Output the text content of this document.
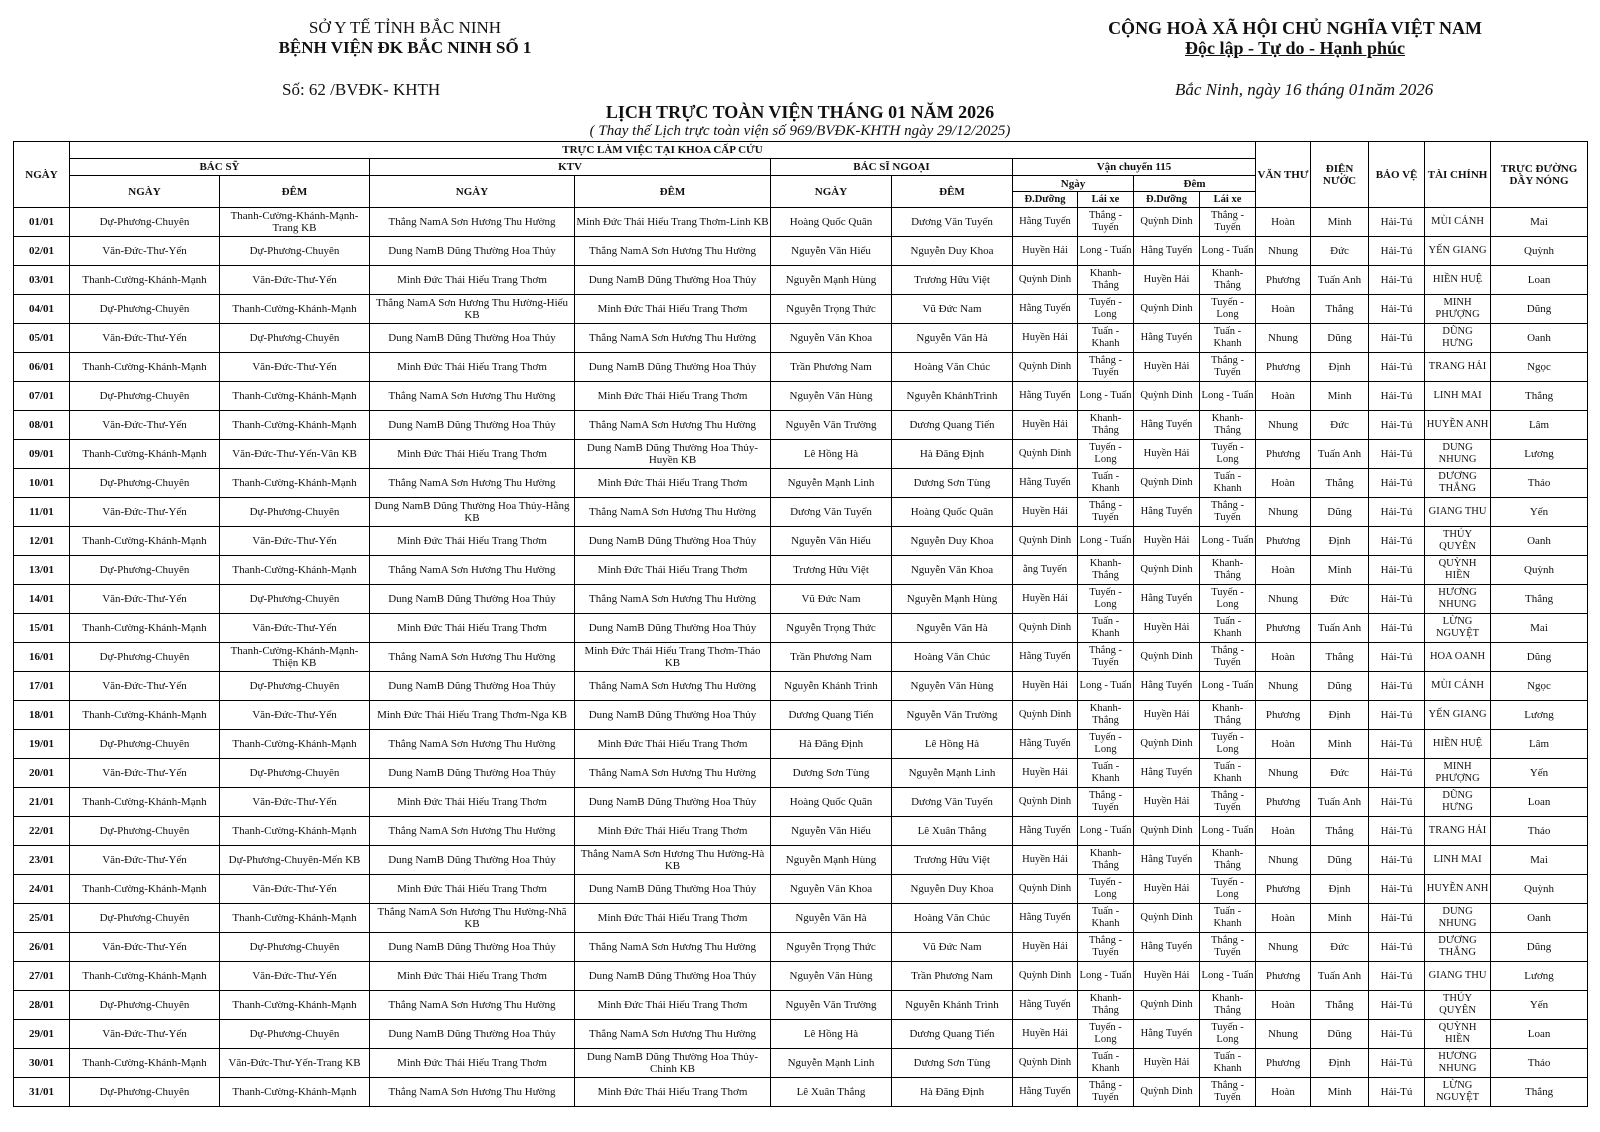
SỞ Y TẾ TỈNH BẮC NINH
BỆNH VIỆN ĐK BẮC NINH SỐ 1
CỘNG HOÀ XÃ HỘI CHỦ NGHĨA VIỆT NAM
Độc lập - Tự do - Hạnh phúc
Số: 62 /BVĐK- KHTH	Bắc Ninh, ngày 16 tháng 01năm 2026
LỊCH TRỰC TOÀN VIỆN THÁNG 01 NĂM 2026
( Thay thế Lịch trực toàn viện số 969/BVĐK-KHTH ngày 29/12/2025)
NGÀY	TRỰC LÀM VIỆC TẠI KHOA CẤP CỨU										VĂN THƯ	ĐIỆN NƯỚC	BẢO VỆ	TÀI CHÍNH	TRỰC ĐƯỜNG DÂY NÓNG
	BÁC SỸ		KTV		BÁC SĨ NGOẠI		Vận chuyển 115								
	NGÀY	ĐÊM	NGÀY	ĐÊM	NGÀY	ĐÊM	Ngày		Đêm						
							Đ.Dưỡng	Lái xe	Đ.Dưỡng	Lái xe					
01/01	Dự-Phương-Chuyên	Thanh-Cường-Khánh-Mạnh-Trang KB	Thắng NamA Sơn Hương Thu Hường	Minh Đức Thái Hiếu Trang Thơm-Linh KB	Hoàng Quốc Quân	Dương Văn Tuyến	Hằng Tuyến	Thắng - Tuyến	Quỳnh Dinh	Thắng - Tuyến	Hoàn	Minh	Hải-Tú	MÙI CẢNH	Mai
02/01	Văn-Đức-Thư-Yến	Dự-Phương-Chuyên	Dung NamB Dũng Thường Hoa Thủy	Thắng NamA Sơn Hương Thu Hường	Nguyễn Văn Hiếu	Nguyễn Duy Khoa	Huyền Hải	Long - Tuấn	Hằng Tuyến	Long - Tuấn	Nhung	Đức	Hải-Tú	YẾN GIANG	Quỳnh
03/01	Thanh-Cường-Khánh-Mạnh	Văn-Đức-Thư-Yến	Minh Đức Thái Hiếu Trang Thơm	Dung NamB Dũng Thường Hoa Thủy	Nguyễn Mạnh Hùng	Trương Hữu Việt	Quỳnh Dinh	Khanh-Thắng	Huyền Hải	Khanh-Thắng	Phương	Tuấn Anh	Hải-Tú	HIỀN HUỆ	Loan
04/01	Dự-Phương-Chuyên	Thanh-Cường-Khánh-Mạnh	Thắng NamA Sơn Hương Thu Hường-Hiếu KB	Minh Đức Thái Hiếu Trang Thơm	Nguyễn Trọng Thức	Vũ Đức Nam	Hằng Tuyến	Tuyến - Long	Quỳnh Dinh	Tuyến - Long	Hoàn	Thắng	Hải-Tú	MINH PHƯỢNG	Dũng
05/01	Văn-Đức-Thư-Yến	Dự-Phương-Chuyên	Dung NamB Dũng Thường Hoa Thủy	Thắng NamA Sơn Hương Thu Hường	Nguyễn Văn Khoa	Nguyễn Văn Hà	Huyền Hải	Tuấn - Khanh	Hằng Tuyến	Tuấn - Khanh	Nhung	Dũng	Hải-Tú	DŨNG HƯNG	Oanh
06/01	Thanh-Cường-Khánh-Mạnh	Văn-Đức-Thư-Yến	Minh Đức Thái Hiếu Trang Thơm	Dung NamB Dũng Thường Hoa Thủy	Trần Phương Nam	Hoàng Văn Chúc	Quỳnh Dinh	Thắng - Tuyến	Huyền Hải	Thắng - Tuyến	Phương	Định	Hải-Tú	TRANG HẢI	Ngọc
07/01	Dự-Phương-Chuyên	Thanh-Cường-Khánh-Mạnh	Thắng NamA Sơn Hương Thu Hường	Minh Đức Thái Hiếu Trang Thơm	Nguyễn Văn Hùng	Nguyễn KhánhTrình	Hằng Tuyến	Long - Tuấn	Quỳnh Dinh	Long - Tuấn	Hoàn	Minh	Hải-Tú	LINH MAI	Thắng
08/01	Văn-Đức-Thư-Yến	Thanh-Cường-Khánh-Mạnh	Dung NamB Dũng Thường Hoa Thủy	Thắng NamA Sơn Hương Thu Hường	Nguyễn Văn Trường	Dương Quang Tiến	Huyền Hải	Khanh-Thắng	Hằng Tuyến	Khanh-Thắng	Nhung	Đức	Hải-Tú	HUYỀN ANH	Lâm
09/01	Thanh-Cường-Khánh-Mạnh	Văn-Đức-Thư-Yến-Vân KB	Minh Đức Thái Hiếu Trang Thơm	Dung NamB Dũng Thường Hoa Thủy-Huyền KB	Lê Hồng Hà	Hà Đăng Định	Quỳnh Dinh	Tuyến - Long	Huyền Hải	Tuyến - Long	Phương	Tuấn Anh	Hải-Tú	DUNG NHUNG	Lương
10/01	Dự-Phương-Chuyên	Thanh-Cường-Khánh-Mạnh	Thắng NamA Sơn Hương Thu Hường	Minh Đức Thái Hiếu Trang Thơm	Nguyễn Mạnh Linh	Dương Sơn Tùng	Hằng Tuyến	Tuấn - Khanh	Quỳnh Dinh	Tuấn - Khanh	Hoàn	Thắng	Hải-Tú	DƯƠNG THẮNG	Thảo
11/01	Văn-Đức-Thư-Yến	Dự-Phương-Chuyên	Dung NamB Dũng Thường Hoa Thủy-Hằng KB	Thắng NamA Sơn Hương Thu Hường	Dương Văn Tuyến	Hoàng Quốc Quân	Huyền Hải	Thắng - Tuyến	Hằng Tuyến	Thắng - Tuyến	Nhung	Dũng	Hải-Tú	GIANG THU	Yến
12/01	Thanh-Cường-Khánh-Mạnh	Văn-Đức-Thư-Yến	Minh Đức Thái Hiếu Trang Thơm	Dung NamB Dũng Thường Hoa Thủy	Nguyễn Văn Hiếu	Nguyễn Duy Khoa	Quỳnh Dinh	Long - Tuấn	Huyền Hải	Long - Tuấn	Phương	Định	Hải-Tú	THÚY QUYÊN	Oanh
13/01	Dự-Phương-Chuyên	Thanh-Cường-Khánh-Mạnh	Thắng NamA Sơn Hương Thu Hường	Minh Đức Thái Hiếu Trang Thơm	Trương Hữu Việt	Nguyễn Văn Khoa	ằng Tuyến	Khanh-Thắng	Quỳnh Dinh	Khanh-Thắng	Hoàn	Minh	Hải-Tú	QUỲNH HIỀN	Quỳnh
14/01	Văn-Đức-Thư-Yến	Dự-Phương-Chuyên	Dung NamB Dũng Thường Hoa Thủy	Thắng NamA Sơn Hương Thu Hường	Vũ Đức Nam	Nguyễn Mạnh Hùng	Huyền Hải	Tuyến - Long	Hằng Tuyến	Tuyến - Long	Nhung	Đức	Hải-Tú	HƯƠNG NHUNG	Thắng
15/01	Thanh-Cường-Khánh-Mạnh	Văn-Đức-Thư-Yến	Minh Đức Thái Hiếu Trang Thơm	Dung NamB Dũng Thường Hoa Thủy	Nguyễn Trọng Thức	Nguyễn Văn Hà	Quỳnh Dinh	Tuấn - Khanh	Huyền Hải	Tuấn - Khanh	Phương	Tuấn Anh	Hải-Tú	LỪNG NGUYỆT	Mai
16/01	Dự-Phương-Chuyên	Thanh-Cường-Khánh-Mạnh-Thiện KB	Thắng NamA Sơn Hương Thu Hường	Minh Đức Thái Hiếu Trang Thơm-Thảo KB	Trần Phương Nam	Hoàng Văn Chúc	Hằng Tuyến	Thắng - Tuyến	Quỳnh Dinh	Thắng - Tuyến	Hoàn	Thắng	Hải-Tú	HOA OANH	Dũng
17/01	Văn-Đức-Thư-Yến	Dự-Phương-Chuyên	Dung NamB Dũng Thường Hoa Thủy	Thắng NamA Sơn Hương Thu Hường	Nguyễn Khánh Trình	Nguyễn Văn Hùng	Huyền Hải	Long - Tuấn	Hằng Tuyến	Long - Tuấn	Nhung	Dũng	Hải-Tú	MÙI CẢNH	Ngọc
18/01	Thanh-Cường-Khánh-Mạnh	Văn-Đức-Thư-Yến	Minh Đức Thái Hiếu Trang Thơm-Nga KB	Dung NamB Dũng Thường Hoa Thủy	Dương Quang Tiến	Nguyễn Văn Trường	Quỳnh Dinh	Khanh-Thắng	Huyền Hải	Khanh-Thắng	Phương	Định	Hải-Tú	YẾN GIANG	Lương
19/01	Dự-Phương-Chuyên	Thanh-Cường-Khánh-Mạnh	Thắng NamA Sơn Hương Thu Hường	Minh Đức Thái Hiếu Trang Thơm	Hà Đăng Định	Lê Hồng Hà	Hằng Tuyến	Tuyến - Long	Quỳnh Dinh	Tuyến - Long	Hoàn	Minh	Hải-Tú	HIỀN HUỆ	Lâm
20/01	Văn-Đức-Thư-Yến	Dự-Phương-Chuyên	Dung NamB Dũng Thường Hoa Thủy	Thắng NamA Sơn Hương Thu Hường	Dương Sơn Tùng	Nguyễn Mạnh Linh	Huyền Hải	Tuấn - Khanh	Hằng Tuyến	Tuấn - Khanh	Nhung	Đức	Hải-Tú	MINH PHƯỢNG	Yến
21/01	Thanh-Cường-Khánh-Mạnh	Văn-Đức-Thư-Yến	Minh Đức Thái Hiếu Trang Thơm	Dung NamB Dũng Thường Hoa Thủy	Hoàng Quốc Quân	Dương Văn Tuyến	Quỳnh Dinh	Thắng - Tuyến	Huyền Hải	Thắng - Tuyến	Phương	Tuấn Anh	Hải-Tú	DŨNG HƯNG	Loan
22/01	Dự-Phương-Chuyên	Thanh-Cường-Khánh-Mạnh	Thắng NamA Sơn Hương Thu Hường	Minh Đức Thái Hiếu Trang Thơm	Nguyễn Văn Hiếu	Lê Xuân Thắng	Hằng Tuyến	Long - Tuấn	Quỳnh Dinh	Long - Tuấn	Hoàn	Thắng	Hải-Tú	TRANG HẢI	Thảo
23/01	Văn-Đức-Thư-Yến	Dự-Phương-Chuyên-Mến KB	Dung NamB Dũng Thường Hoa Thủy	Thắng NamA Sơn Hương Thu Hường-Hà KB	Nguyễn Mạnh Hùng	Trương Hữu Việt	Huyền Hải	Khanh-Thắng	Hằng Tuyến	Khanh-Thắng	Nhung	Dũng	Hải-Tú	LINH MAI	Mai
24/01	Thanh-Cường-Khánh-Mạnh	Văn-Đức-Thư-Yến	Minh Đức Thái Hiếu Trang Thơm	Dung NamB Dũng Thường Hoa Thủy	Nguyễn Văn Khoa	Nguyễn Duy Khoa	Quỳnh Dinh	Tuyến - Long	Huyền Hải	Tuyến - Long	Phương	Định	Hải-Tú	HUYỀN ANH	Quỳnh
25/01	Dự-Phương-Chuyên	Thanh-Cường-Khánh-Mạnh	Thắng NamA Sơn Hương Thu Hường-Nhã KB	Minh Đức Thái Hiếu Trang Thơm	Nguyễn Văn Hà	Hoàng Văn Chúc	Hằng Tuyến	Tuấn - Khanh	Quỳnh Dinh	Tuấn - Khanh	Hoàn	Minh	Hải-Tú	DUNG NHUNG	Oanh
26/01	Văn-Đức-Thư-Yến	Dự-Phương-Chuyên	Dung NamB Dũng Thường Hoa Thủy	Thắng NamA Sơn Hương Thu Hường	Nguyễn Trọng Thức	Vũ Đức Nam	Huyền Hải	Thắng - Tuyến	Hằng Tuyến	Thắng - Tuyến	Nhung	Đức	Hải-Tú	DƯƠNG THẮNG	Dũng
27/01	Thanh-Cường-Khánh-Mạnh	Văn-Đức-Thư-Yến	Minh Đức Thái Hiếu Trang Thơm	Dung NamB Dũng Thường Hoa Thủy	Nguyễn Văn Hùng	Trần Phương Nam	Quỳnh Dinh	Long - Tuấn	Huyền Hải	Long - Tuấn	Phương	Tuấn Anh	Hải-Tú	GIANG THU	Lương
28/01	Dự-Phương-Chuyên	Thanh-Cường-Khánh-Mạnh	Thắng NamA Sơn Hương Thu Hường	Minh Đức Thái Hiếu Trang Thơm	Nguyễn Văn Trường	Nguyễn Khánh Trình	Hằng Tuyến	Khanh-Thắng	Quỳnh Dinh	Khanh-Thắng	Hoàn	Thắng	Hải-Tú	THÚY QUYÊN	Yến
29/01	Văn-Đức-Thư-Yến	Dự-Phương-Chuyên	Dung NamB Dũng Thường Hoa Thủy	Thắng NamA Sơn Hương Thu Hường	Lê Hồng Hà	Dương Quang Tiến	Huyền Hải	Tuyến - Long	Hằng Tuyến	Tuyến - Long	Nhung	Dũng	Hải-Tú	QUỲNH HIỀN	Loan
30/01	Thanh-Cường-Khánh-Mạnh	Văn-Đức-Thư-Yến-Trang KB	Minh Đức Thái Hiếu Trang Thơm	Dung NamB Dũng Thường Hoa Thủy-Chinh KB	Nguyễn Mạnh Linh	Dương Sơn Tùng	Quỳnh Dinh	Tuấn - Khanh	Huyền Hải	Tuấn - Khanh	Phương	Định	Hải-Tú	HƯƠNG NHUNG	Thảo
31/01	Dự-Phương-Chuyên	Thanh-Cường-Khánh-Mạnh	Thắng NamA Sơn Hương Thu Hường	Minh Đức Thái Hiếu Trang Thơm	Lê Xuân Thắng	Hà Đăng Định	Hằng Tuyến	Thắng - Tuyến	Quỳnh Dinh	Thắng - Tuyến	Hoàn	Minh	Hải-Tú	LỪNG NGUYỆT	Thắng
